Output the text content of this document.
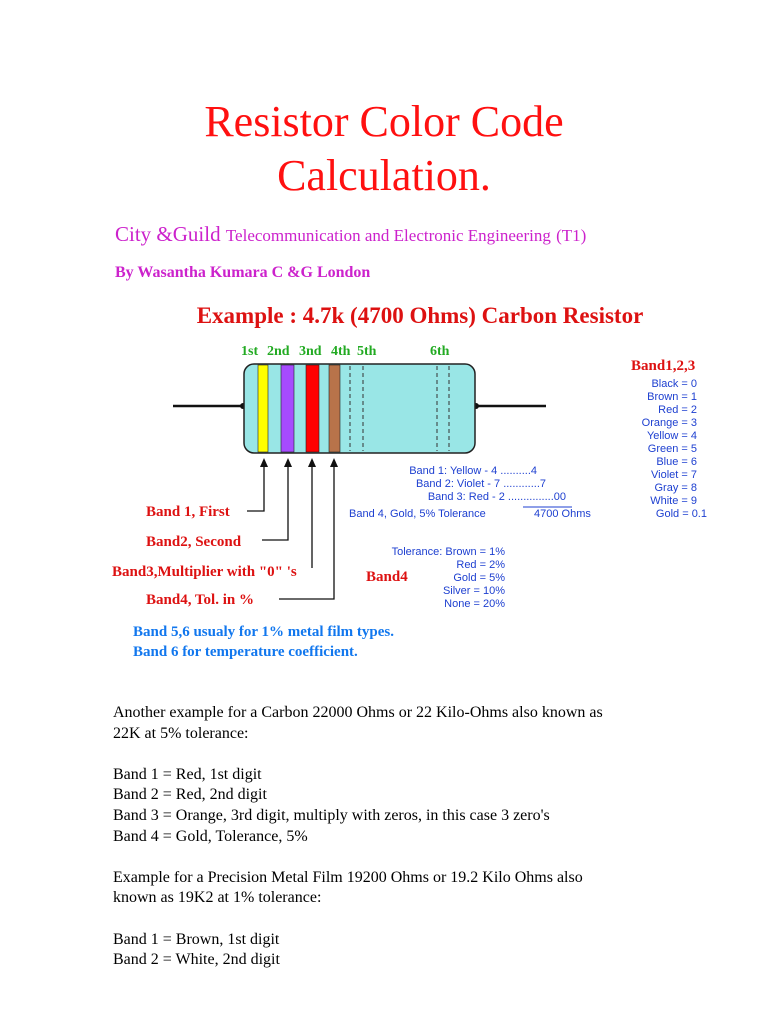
Resistor Color Code
Calculation.
City &Guild Telecommunication and Electronic Engineering (T1)
By Wasantha Kumara C &G London
Example : 4.7k (4700 Ohms) Carbon Resistor
1st 2nd 3nd 4th 5th	6th
Band1,2,3
Black = 0
Brown = 1
Red = 2
Orange = 3
Yellow = 4
Green = 5
Blue = 6
Violet = 7
Gray = 8
White = 9
Gold = 0.1
Band 1: Yellow - 4 ..........4
Band 2: Violet - 7 ............7
Band 3: Red - 2 ...............00
Band 4, Gold, 5% Tolerance	4700 Ohms
Band 1, First
Band2, Second
Band3,Multiplier with "0" 's
Band4, Tol. in %
Band4
Tolerance: Brown = 1%
Red = 2%
Gold = 5%
Silver = 10%
None = 20%
Band 5,6 usualy for 1% metal film types.
Band 6 for temperature coefficient.

Another example for a Carbon 22000 Ohms or 22 Kilo-Ohms also known as

22K at 5% tolerance:

Band 1 = Red, 1st digit

Band 2 = Red, 2nd digit

Band 3 = Orange, 3rd digit, multiply with zeros, in this case 3 zero's

Band 4 = Gold, Tolerance, 5%

Example for a Precision Metal Film 19200 Ohms or 19.2 Kilo Ohms also

known as 19K2 at 1% tolerance:

Band 1 = Brown, 1st digit

Band 2 = White, 2nd digit
